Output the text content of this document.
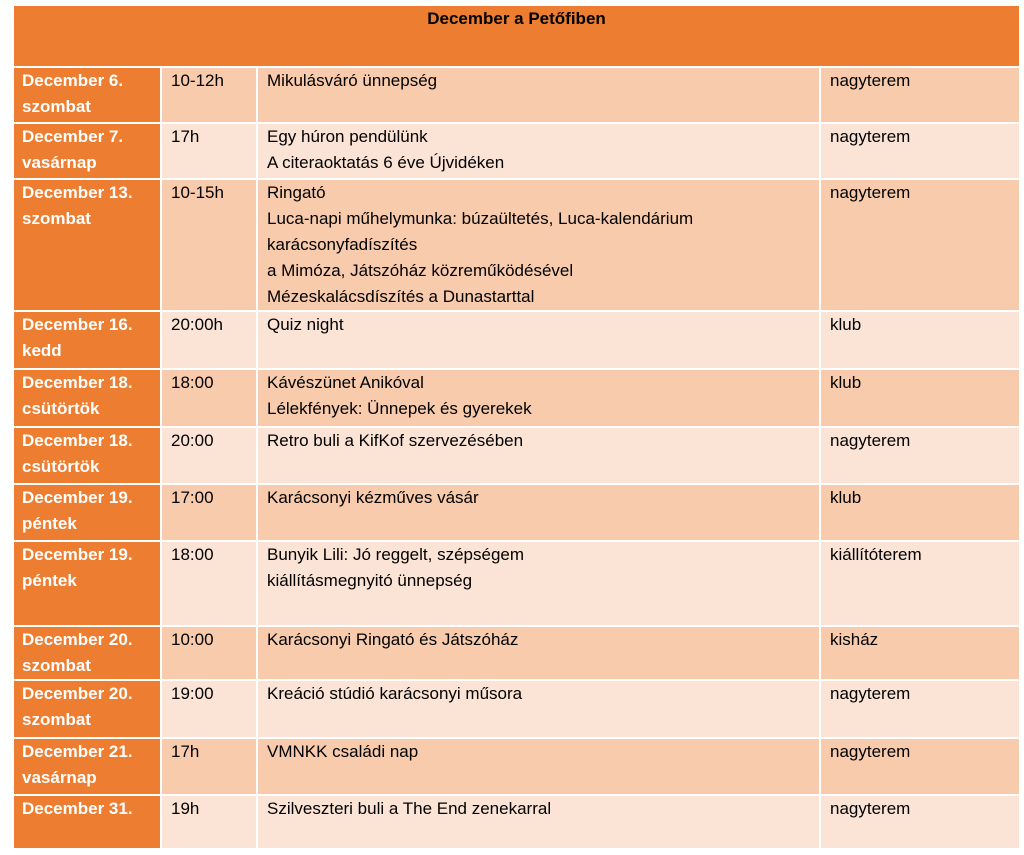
December a Petőfiben			

December 6.
szombat	10-12h	Mikulásváró ünnepség	nagyterem

December 7.
vasárnap	17h	Egy húron pendülünk
A citeraoktatás 6 éve Újvidéken	nagyterem

December 13.
szombat	10-15h	Ringató
Luca-napi műhelymunka: búzaültetés, Luca-kalendárium
karácsonyfadíszítés
a Mimóza, Játszóház közreműködésével
Mézeskalácsdíszítés a Dunastarttal	nagyterem

December 16.
kedd	20:00h	Quiz night	klub

December 18.
csütörtök	18:00	Kávészünet Anikóval
Lélekfények: Ünnepek és gyerekek	klub

December 18.
csütörtök	20:00	Retro buli a KifKof szervezésében	nagyterem

December 19.
péntek	17:00	Karácsonyi kézműves vásár	klub

December 19.
péntek	18:00	Bunyik Lili: Jó reggelt, szépségem
kiállításmegnyitó ünnepség	kiállítóterem

December 20.
szombat	10:00	Karácsonyi Ringató és Játszóház	kisház

December 20.
szombat	19:00	Kreáció stúdió karácsonyi műsora	nagyterem

December 21.
vasárnap	17h	VMNKK családi nap	nagyterem

December 31.	19h	Szilveszteri buli a The End zenekarral	nagyterem
